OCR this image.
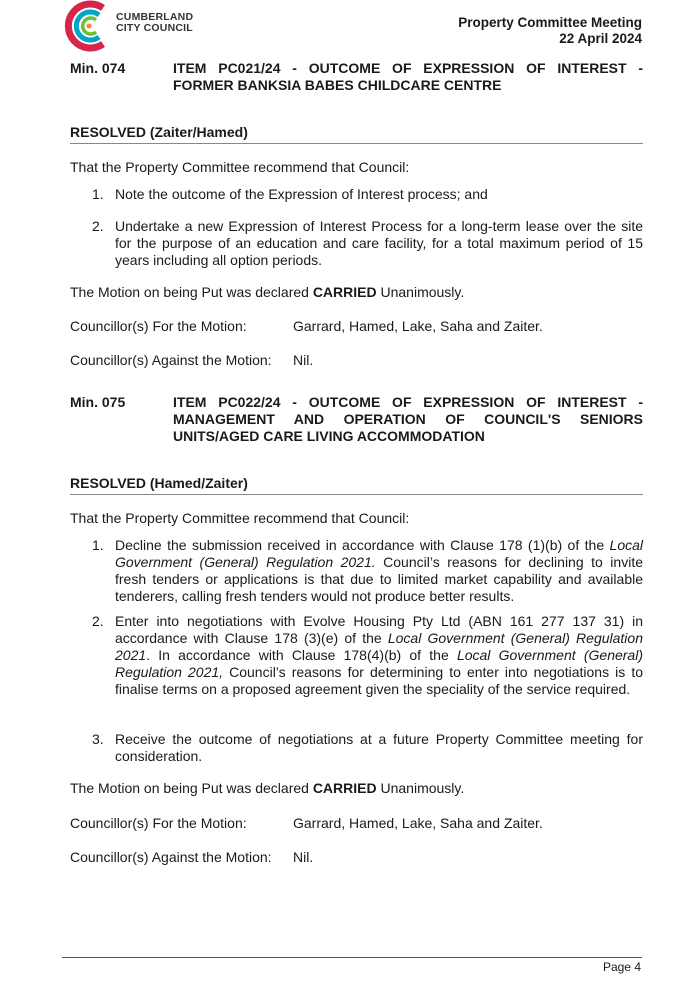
CUMBERLAND
CITY COUNCIL	Property Committee Meeting
22 April 2024
Min. 074	ITEM PC021/24 - OUTCOME OF EXPRESSION OF INTEREST - FORMER BANKSIA BABES CHILDCARE CENTRE
RESOLVED (Zaiter/Hamed)
That the Property Committee recommend that Council:
1. Note the outcome of the Expression of Interest process; and
2. Undertake a new Expression of Interest Process for a long-term lease over the site for the purpose of an education and care facility, for a total maximum period of 15 years including all option periods.
The Motion on being Put was declared CARRIED Unanimously.
Councillor(s) For the Motion:	Garrard, Hamed, Lake, Saha and Zaiter.
Councillor(s) Against the Motion: Nil.
Min. 075	ITEM PC022/24 - OUTCOME OF EXPRESSION OF INTEREST - MANAGEMENT AND OPERATION OF COUNCIL'S SENIORS UNITS/AGED CARE LIVING ACCOMMODATION
RESOLVED (Hamed/Zaiter)
That the Property Committee recommend that Council:
1. Decline the submission received in accordance with Clause 178 (1)(b) of the Local Government (General) Regulation 2021. Council’s reasons for declining to invite fresh tenders or applications is that due to limited market capability and available tenderers, calling fresh tenders would not produce better results.
2. Enter into negotiations with Evolve Housing Pty Ltd (ABN 161 277 137 31) in accordance with Clause 178 (3)(e) of the Local Government (General) Regulation 2021. In accordance with Clause 178(4)(b) of the Local Government (General) Regulation 2021, Council’s reasons for determining to enter into negotiations is to finalise terms on a proposed agreement given the speciality of the service required.
3. Receive the outcome of negotiations at a future Property Committee meeting for consideration.
The Motion on being Put was declared CARRIED Unanimously.
Councillor(s) For the Motion:	Garrard, Hamed, Lake, Saha and Zaiter.
Councillor(s) Against the Motion: Nil.
Page 4
